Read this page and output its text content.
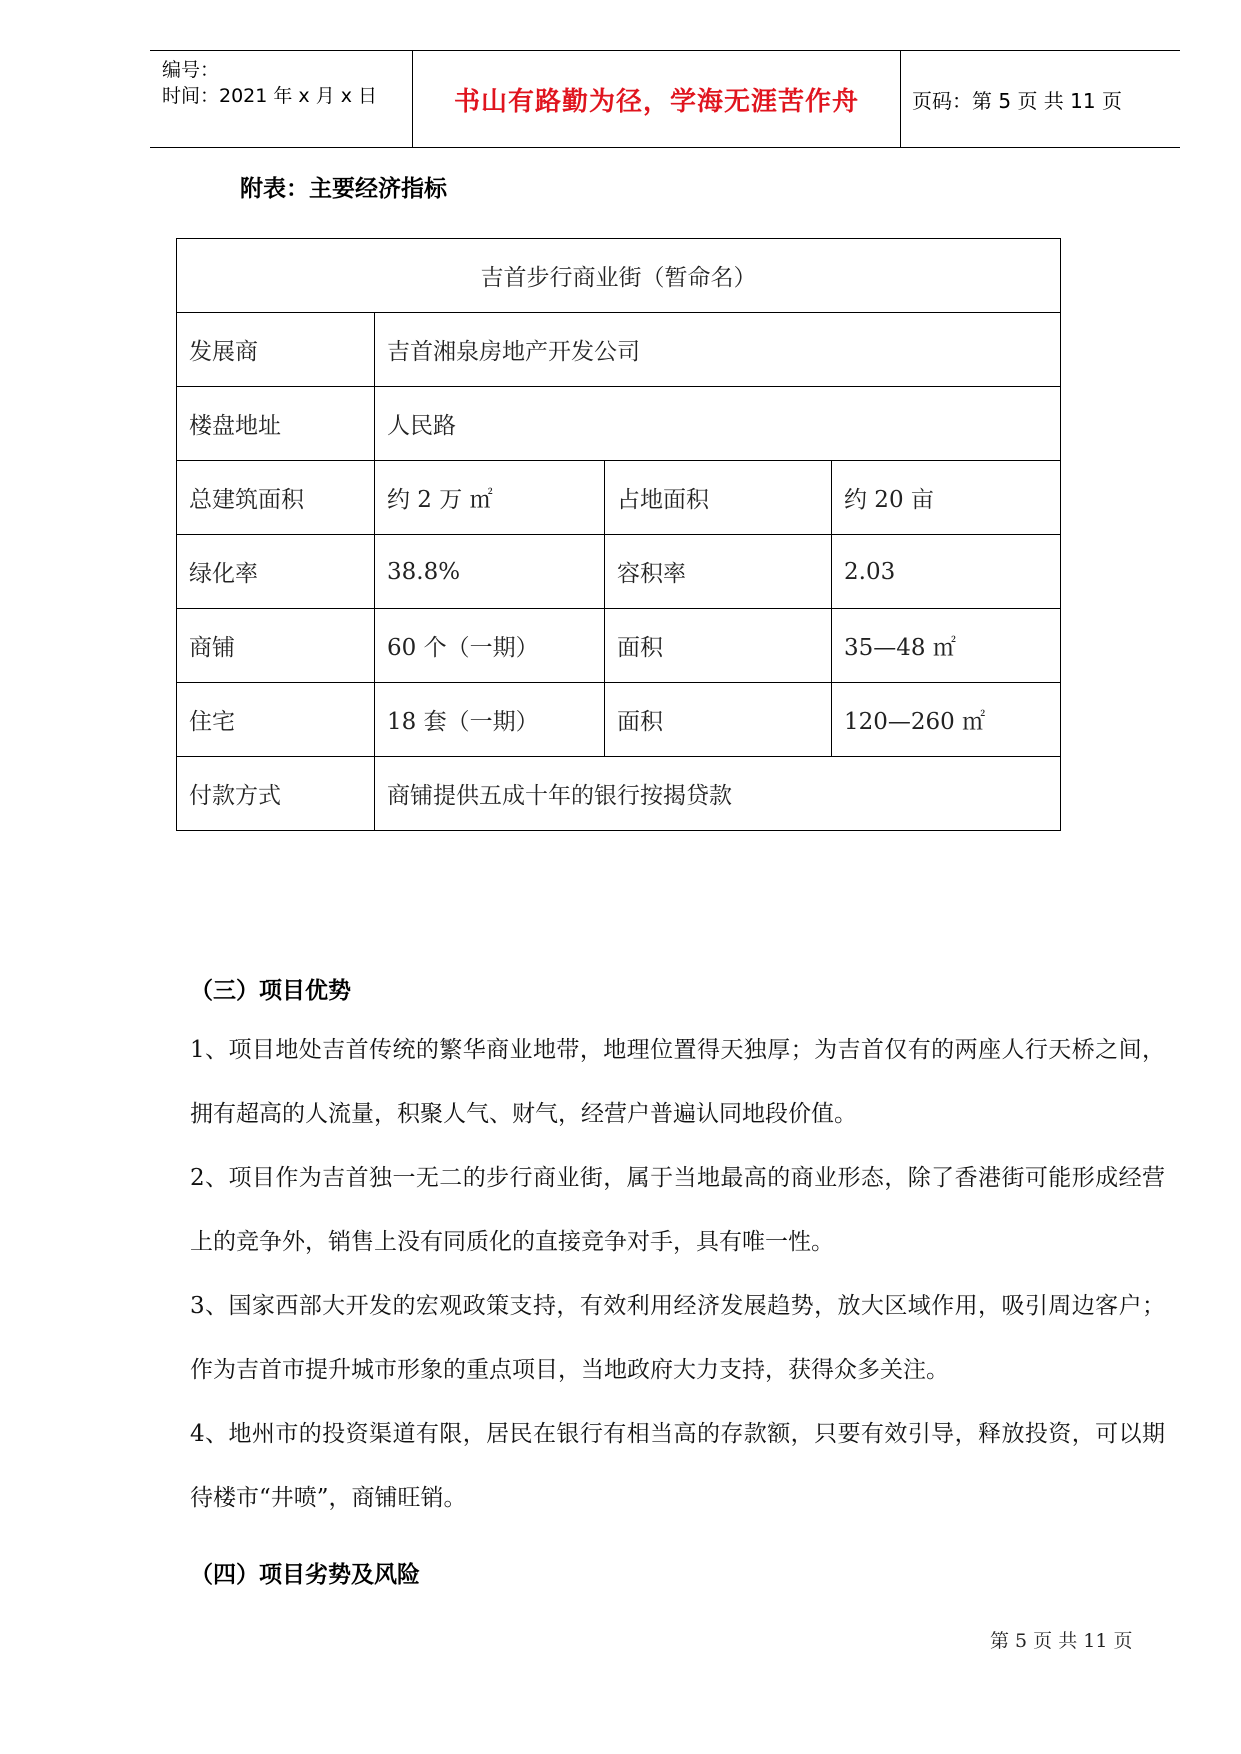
编号：
时间：2021 年 x 月 x 日	书山有路勤为径，学海无涯苦作舟	页码：第 5 页 共 11 页
附表：主要经济指标
吉首步行商业街（暂命名）			
发展商	吉首湘泉房地产开发公司		
楼盘地址	人民路		
总建筑面积	约 2 万 ㎡	占地面积	约 20 亩
绿化率	38.8%	容积率	2.03
商铺	60 个（一期）	面积	35—48 ㎡
住宅	18 套（一期）	面积	120—260 ㎡
付款方式	商铺提供五成十年的银行按揭贷款		
（三）项目优势
1、项目地处吉首传统的繁华商业地带，地理位置得天独厚；为吉首仅有的两座人行天桥之间，拥有超高的人流量，积聚人气、财气，经营户普遍认同地段价值。
2、项目作为吉首独一无二的步行商业街，属于当地最高的商业形态，除了香港街可能形成经营上的竞争外，销售上没有同质化的直接竞争对手，具有唯一性。
3、国家西部大开发的宏观政策支持，有效利用经济发展趋势，放大区域作用，吸引周边客户；作为吉首市提升城市形象的重点项目，当地政府大力支持，获得众多关注。
4、地州市的投资渠道有限，居民在银行有相当高的存款额，只要有效引导，释放投资，可以期待楼市“井喷”，商铺旺销。
（四）项目劣势及风险
第 5 页 共 11 页
